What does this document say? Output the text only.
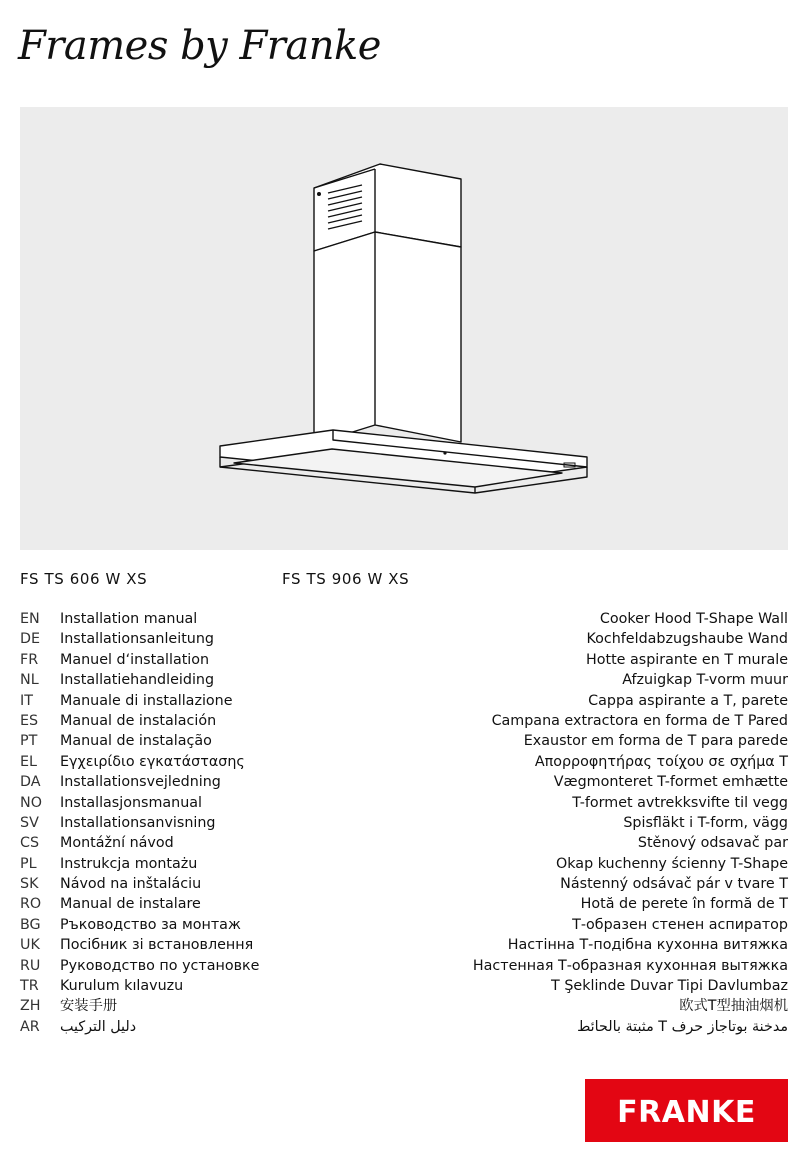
Frames by Franke
FS TS 606 W XS	FS TS 906 W XS
EN Installation manual	Cooker Hood T-Shape Wall
DE Installationsanleitung	Kochfeldabzugshaube Wand
FR Manuel d‘installation	Hotte aspirante en T murale
NL Installatiehandleiding	Afzuigkap T-vorm muur
IT Manuale di installazione	Cappa aspirante a T, parete
ES Manual de instalación	Campana extractora en forma de T Pared
PT Manual de instalação	Exaustor em forma de T para parede
EL Εγχειρίδιο εγκατάστασης	Απορροφητήρας τοίχου σε σχήμα T
DA Installationsvejledning	Vægmonteret T-formet emhætte
NO Installasjonsmanual	T-formet avtrekksvifte til vegg
SV Installationsanvisning	Spisfläkt i T-form, vägg
CS Montážní návod	Stěnový odsavač par
PL Instrukcja montażu	Okap kuchenny ścienny T-Shape
SK Návod na inštaláciu	Nástenný odsávač pár v tvare T
RO Manual de instalare	Hotă de perete în formă de T
BG Ръководство за монтаж	Т-образен стенен аспиратор
UK Посібник зі встановлення	Настінна Т-подібна кухонна витяжка
RU Руководство по установке	Настенная Т-образная кухонная вытяжка
TR Kurulum kılavuzu	T Şeklinde Duvar Tipi Davlumbaz
ZH 安装手册	欧式T型抽油烟机
AR دليل التركيب	مثبتة بالحائط T مدخنة بوتاجاز حرف
FRANKE
